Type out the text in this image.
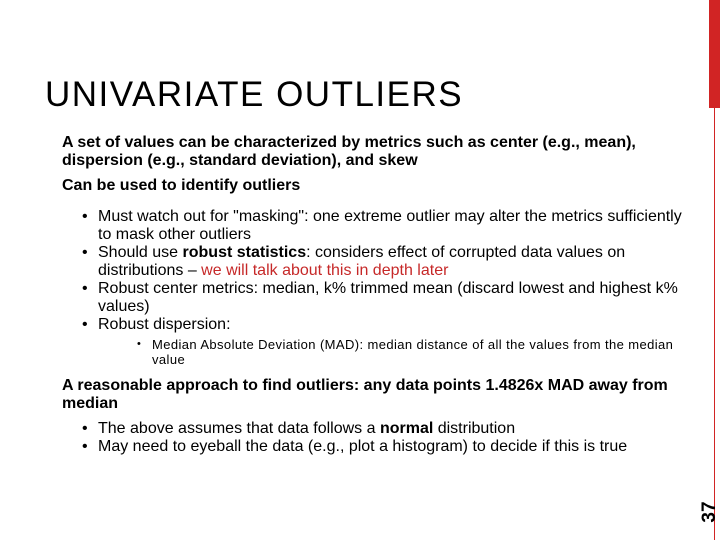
UNIVARIATE OUTLIERS
37

A set of values can be characterized by metrics such as center (e.g., mean), dispersion (e.g., standard deviation), and skew

Can be used to identify outliers

• Must watch out for "masking": one extreme outlier may alter the metrics sufficiently to mask other outliers
• Should use robust statistics: considers effect of corrupted data values on distributions – we will talk about this in depth later
• Robust center metrics: median, k% trimmed mean (discard lowest and highest k% values)
• Robust dispersion:
• Median Absolute Deviation (MAD): median distance of all the values from the median value

A reasonable approach to find outliers: any data points 1.4826x MAD away from median

• The above assumes that data follows a normal distribution
• May need to eyeball the data (e.g., plot a histogram) to decide if this is true
